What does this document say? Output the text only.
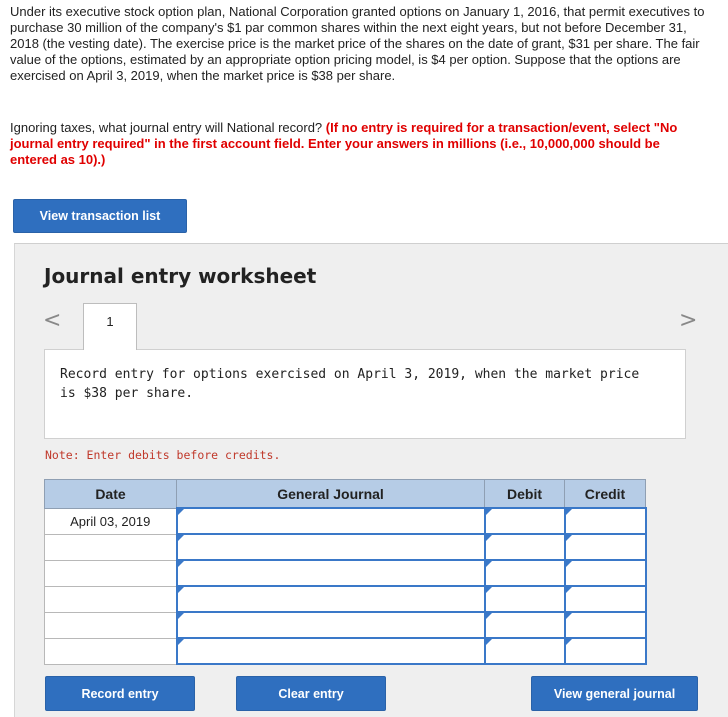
Under its executive stock option plan, National Corporation granted options on January 1, 2016, that permit executives to purchase 30 million of the company's $1 par common shares within the next eight years, but not before December 31, 2018 (the vesting date). The exercise price is the market price of the shares on the date of grant, $31 per share. The fair value of the options, estimated by an appropriate option pricing model, is $4 per option. Suppose that the options are exercised on April 3, 2019, when the market price is $38 per share.
Ignoring taxes, what journal entry will National record? (If no entry is required for a transaction/event, select "No journal entry required" in the first account field. Enter your answers in millions (i.e., 10,000,000 should be entered as 10).)
View transaction list
Journal entry worksheet
<	>
1
Record entry for options exercised on April 3, 2019, when the market price is $38 per share.
Note: Enter debits before credits.
Date	General Journal	Debit	Credit
April 03, 2019			

Record entry	Clear entry	View general journal
